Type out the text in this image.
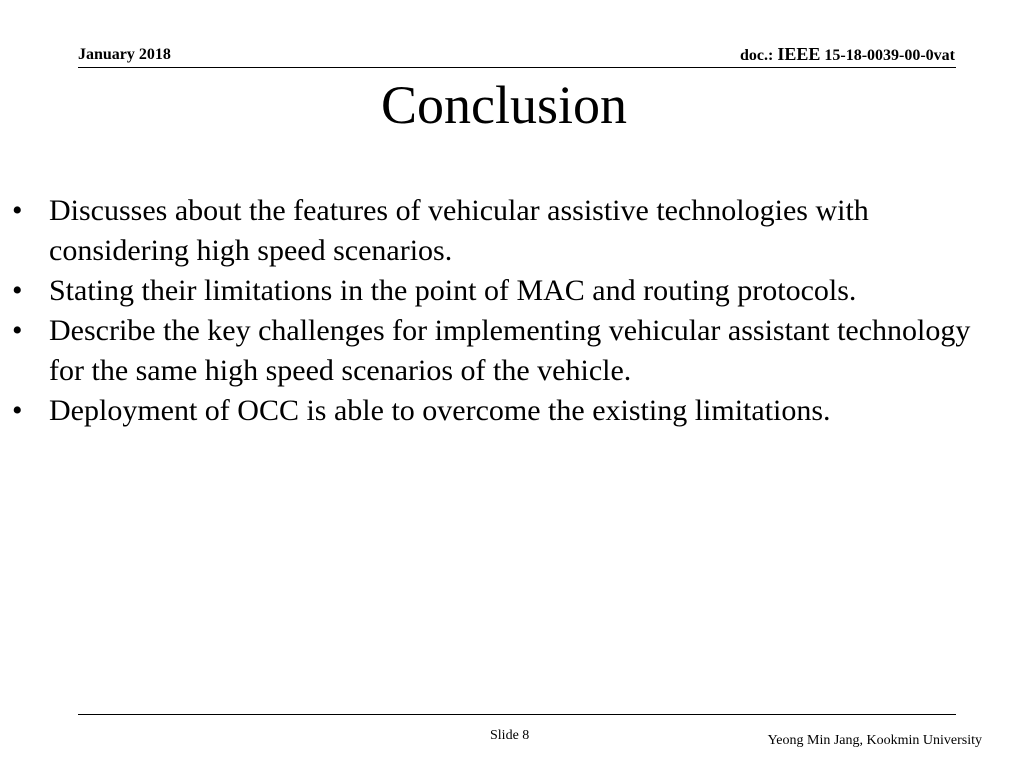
January 2018	doc.: IEEE 15-18-0039-00-0vat
Conclusion
• Discusses about the features of vehicular assistive technologies with considering high speed scenarios.
• Stating their limitations in the point of MAC and routing protocols.
• Describe the key challenges for implementing vehicular assistant technology for the same high speed scenarios of the vehicle.
• Deployment of OCC is able to overcome the existing limitations.
Slide 8	Yeong Min Jang, Kookmin University
